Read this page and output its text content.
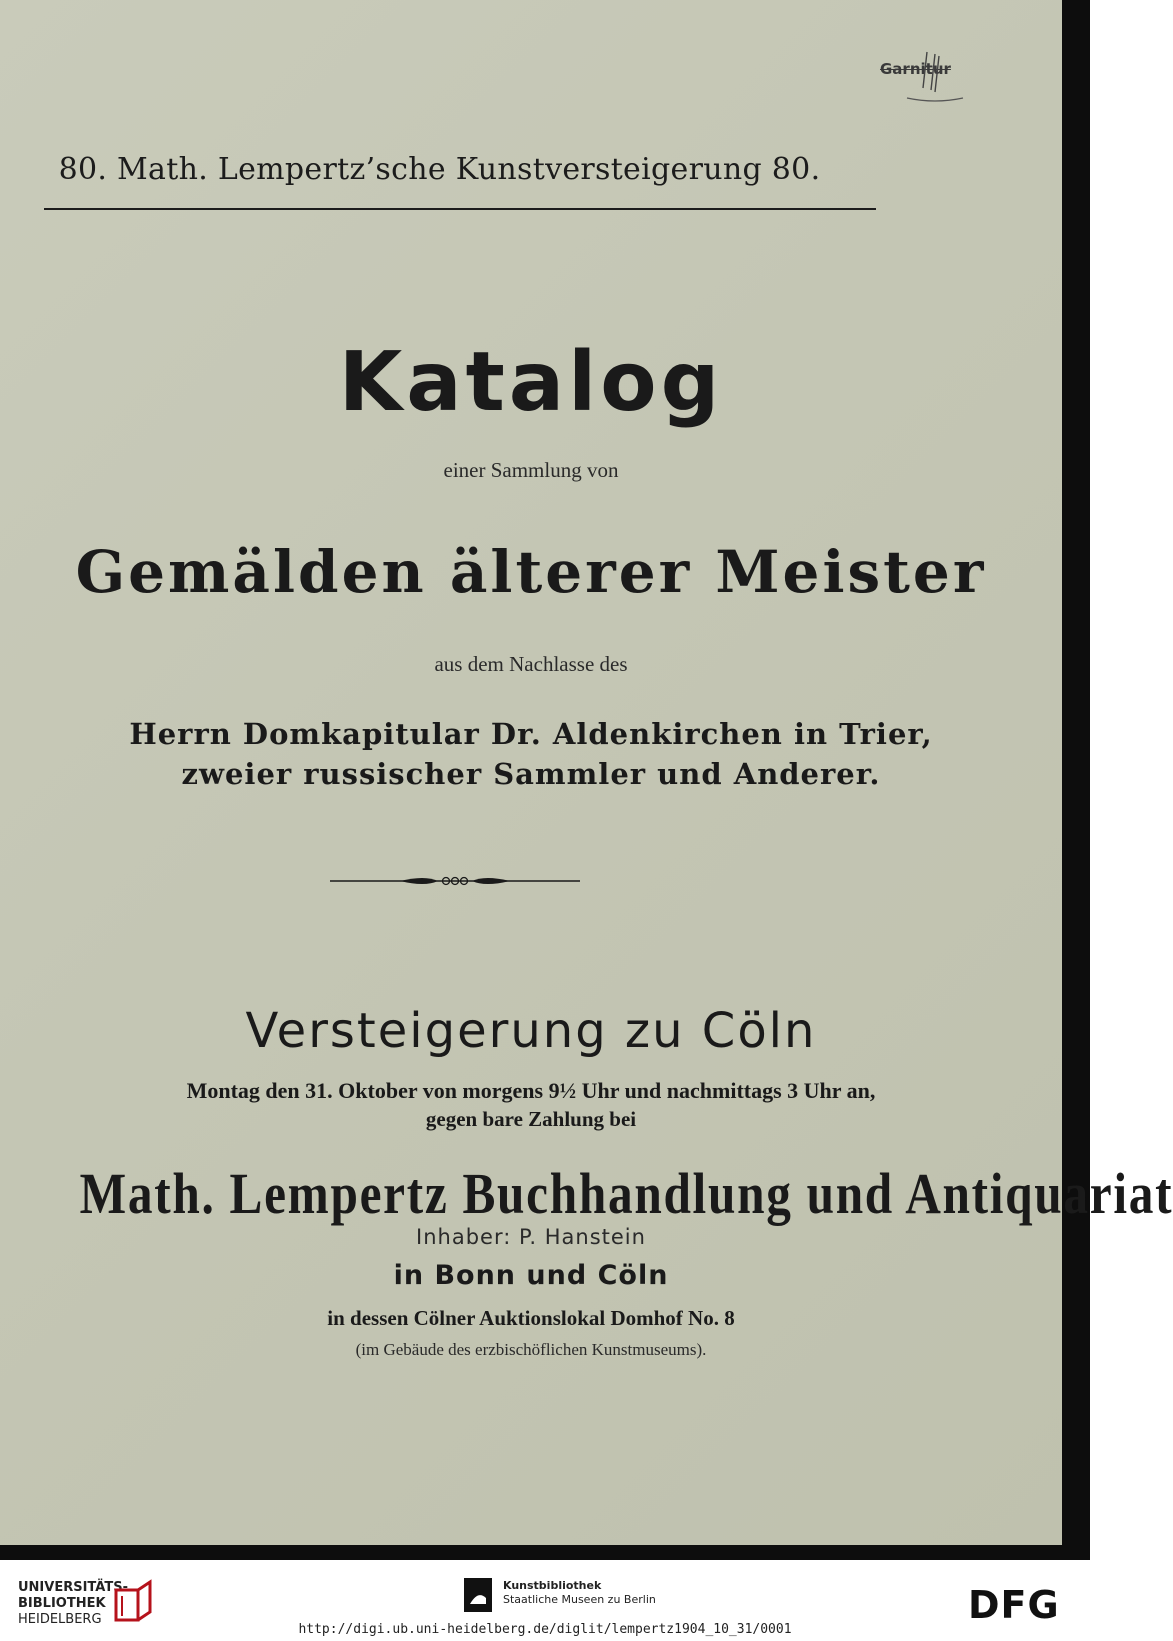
80. Math. Lempertz’sche Kunstversteigerung 80.
Garnitur
Katalog
einer Sammlung von
Gemälden älterer Meister
aus dem Nachlasse des
Herrn Domkapitular Dr. Aldenkirchen in Trier,
zweier russischer Sammler und Anderer.
Versteigerung zu Cöln
Montag den 31. Oktober von morgens 9½ Uhr und nachmittags 3 Uhr an,
gegen bare Zahlung bei
Math. Lempertz Buchhandlung und Antiquariat
Inhaber: P. Hanstein
in Bonn und Cöln
in dessen Cölner Auktionslokal Domhof No. 8
(im Gebäude des erzbischöflichen Kunstmuseums).
UNIVERSITÄTS-
BIBLIOTHEK
HEIDELBERG
Kunstbibliothek
Staatliche Museen zu Berlin	DFG
http://digi.ub.uni-heidelberg.de/diglit/lempertz1904_10_31/0001
